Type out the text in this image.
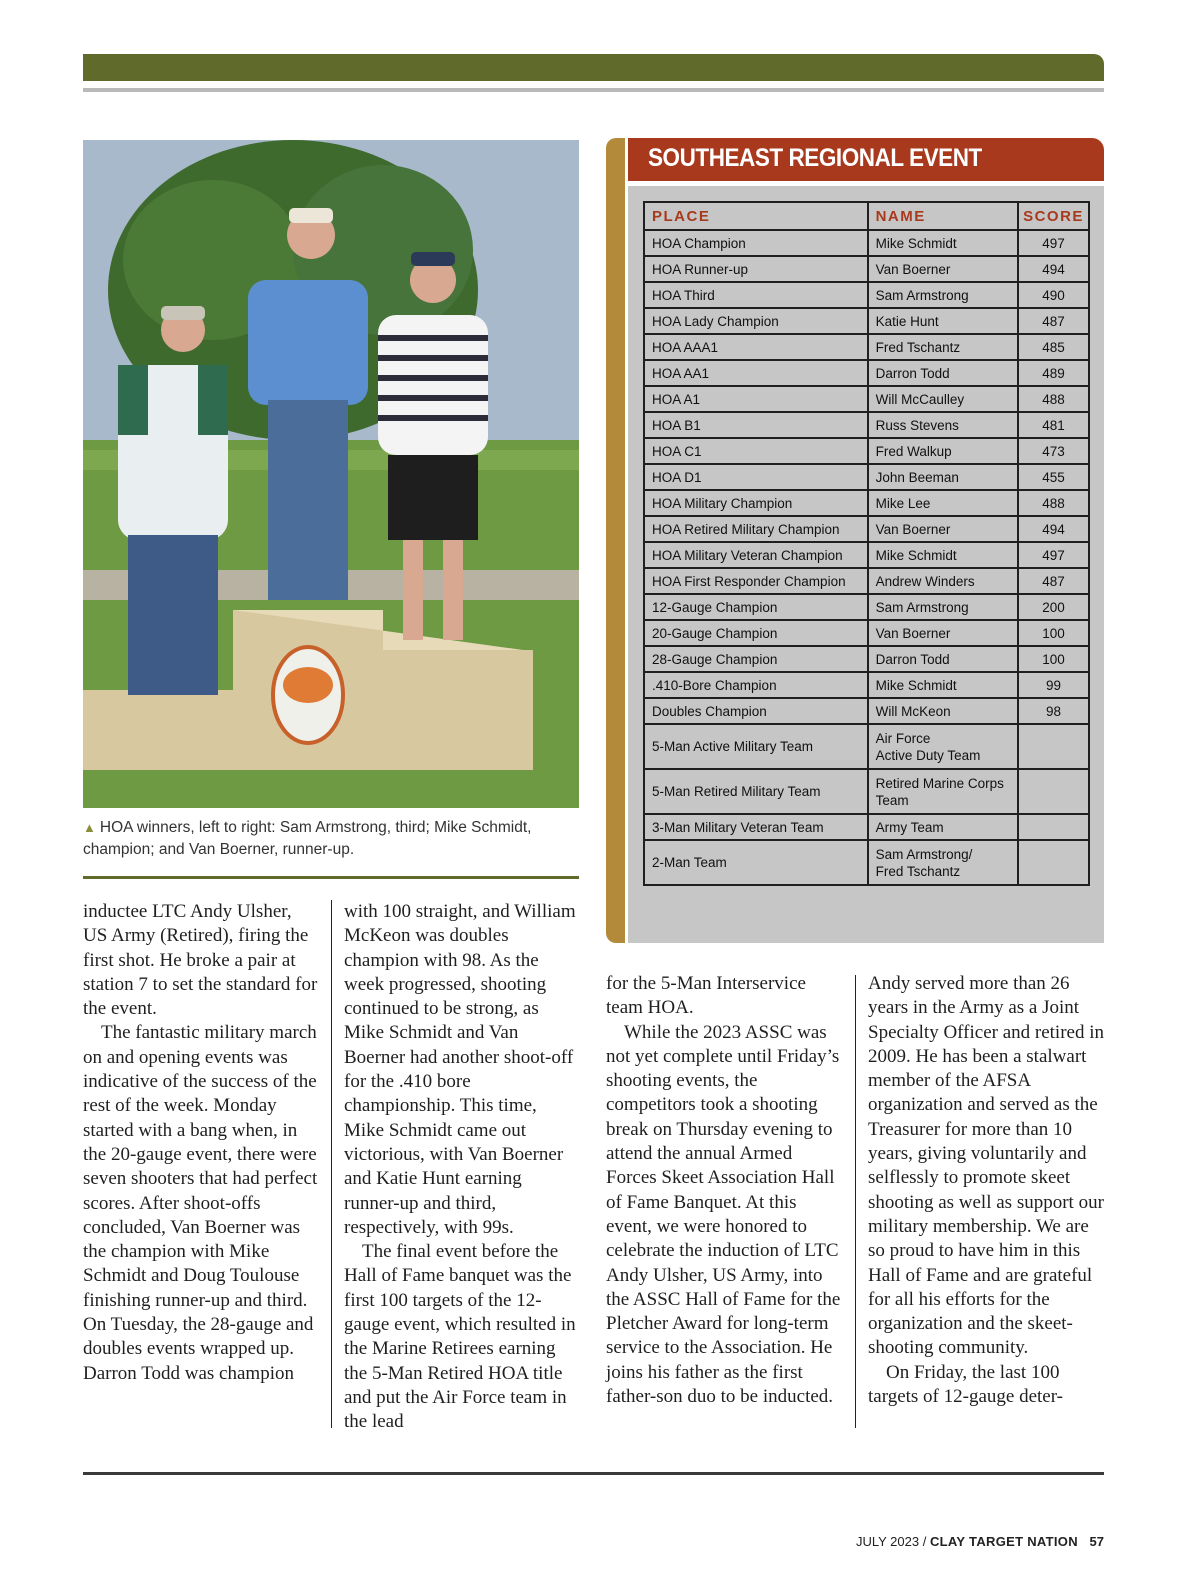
▲ HOA winners, left to right: Sam Armstrong, third; Mike Schmidt, champion; and Van Boerner, runner-up.
SOUTHEAST REGIONAL EVENT
PLACE	NAME	SCORE
HOA Champion	Mike Schmidt	497
HOA Runner-up	Van Boerner	494
HOA Third	Sam Armstrong	490
HOA Lady Champion	Katie Hunt	487
HOA AAA1	Fred Tschantz	485
HOA AA1	Darron Todd	489
HOA A1	Will McCaulley	488
HOA B1	Russ Stevens	481
HOA C1	Fred Walkup	473
HOA D1	John Beeman	455
HOA Military Champion	Mike Lee	488
HOA Retired Military Champion	Van Boerner	494
HOA Military Veteran Champion	Mike Schmidt	497
HOA First Responder Champion	Andrew Winders	487
12-Gauge Champion	Sam Armstrong	200
20-Gauge Champion	Van Boerner	100
28-Gauge Champion	Darron Todd	100
.410-Bore Champion	Mike Schmidt	99
Doubles Champion	Will McKeon	98
5-Man Active Military Team	Air Force
Active Duty Team	
5-Man Retired Military Team	Retired Marine Corps
Team	
3-Man Military Veteran Team	Army Team	
2-Man Team	Sam Armstrong/
Fred Tschantz	

inductee LTC Andy Ulsher, US Army (Retired), firing the first shot. He broke a pair at station 7 to set the standard for the event.

The fantastic military march on and opening events was indicative of the success of the rest of the week. Monday started with a bang when, in the 20-gauge event, there were seven shooters that had perfect scores. After shoot-offs concluded, Van Boerner was the champion with Mike Schmidt and Doug Toulouse finishing runner-up and third. On Tuesday, the 28-gauge and doubles events wrapped up. Darron Todd was champion

with 100 straight, and William McKeon was doubles champion with 98. As the week progressed, shooting continued to be strong, as Mike Schmidt and Van Boerner had another shoot-off for the .410 bore championship. This time, Mike Schmidt came out victorious, with Van Boerner and Katie Hunt earning runner-up and third, respectively, with 99s.

The final event before the Hall of Fame banquet was the first 100 targets of the 12-gauge event, which resulted in the Marine Retirees earning the 5-Man Retired HOA title and put the Air Force team in the lead

for the 5-Man Interservice team HOA.

While the 2023 ASSC was not yet complete until Friday’s shooting events, the competitors took a shooting break on Thursday evening to attend the annual Armed Forces Skeet Association Hall of Fame Banquet. At this event, we were honored to celebrate the induction of LTC Andy Ulsher, US Army, into the ASSC Hall of Fame for the Pletcher Award for long-term service to the Association. He joins his father as the first father-son duo to be inducted.

Andy served more than 26 years in the Army as a Joint Specialty Officer and retired in 2009. He has been a stalwart member of the AFSA organization and served as the Treasurer for more than 10 years, giving voluntarily and selflessly to promote skeet shooting as well as support our military membership. We are so proud to have him in this Hall of Fame and are grateful for all his efforts for the organization and the skeet-shooting community.

On Friday, the last 100 targets of 12-gauge deter-

JULY 2023 / CLAY TARGET NATION 57
